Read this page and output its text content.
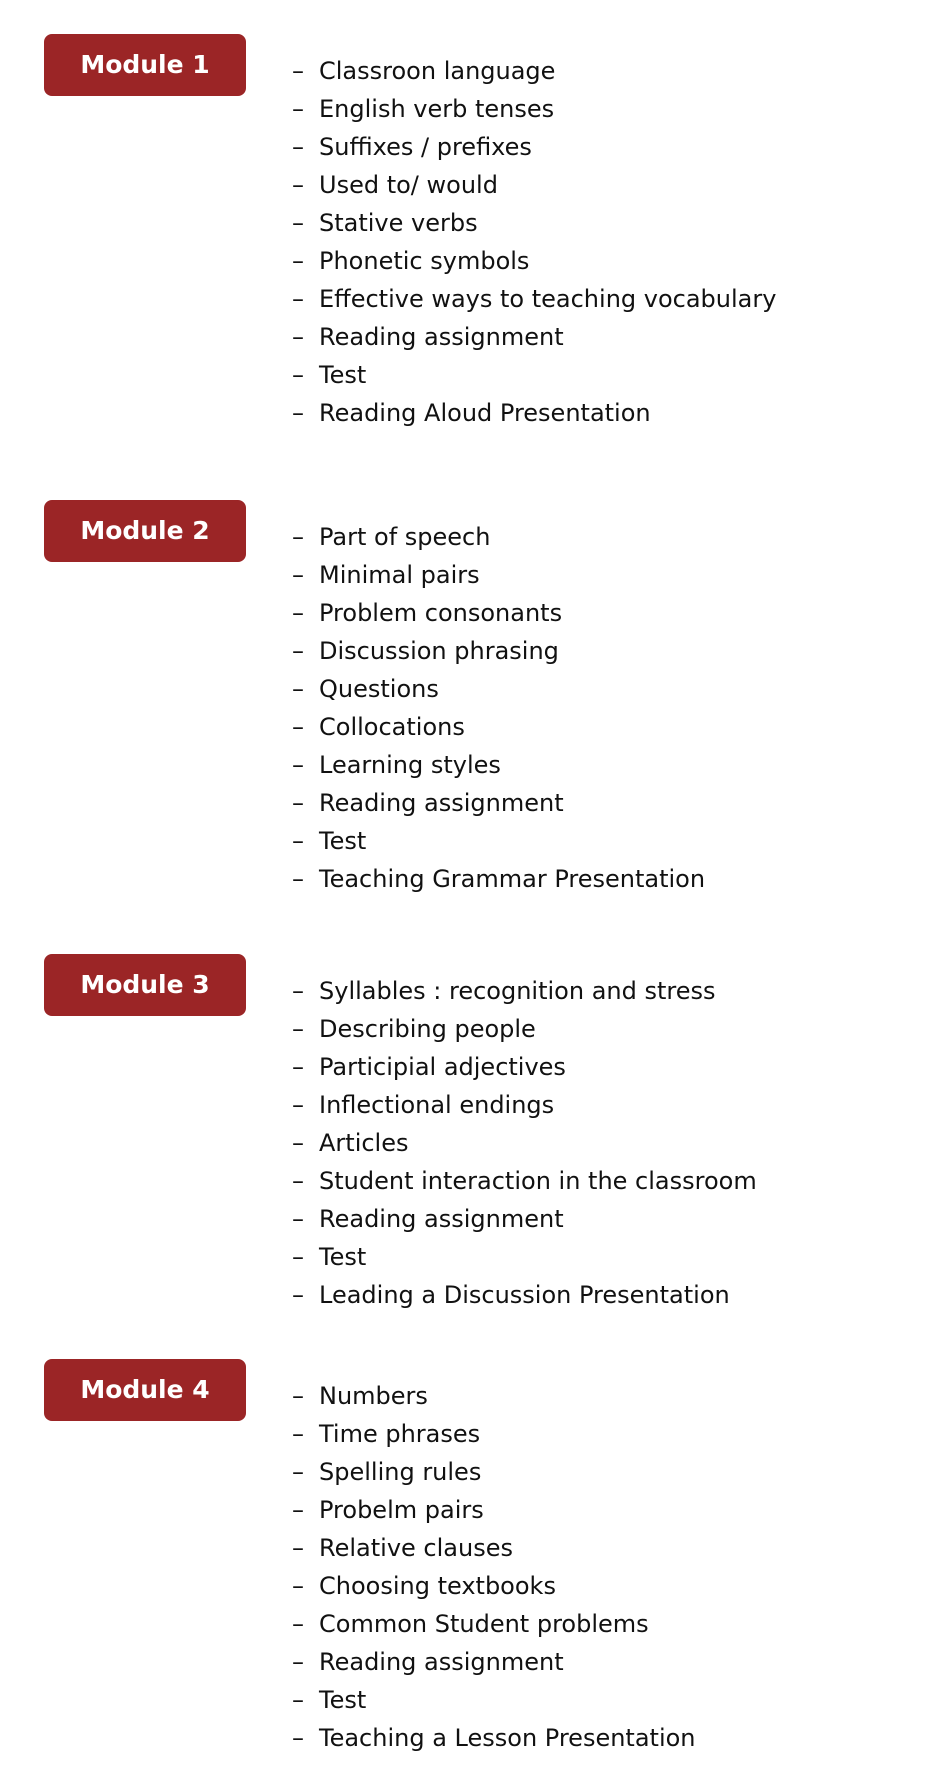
Module 1	– Classroon language
– English verb tenses
– Suffixes / prefixes
– Used to/ would
– Stative verbs
– Phonetic symbols
– Effective ways to teaching vocabulary
– Reading assignment
– Test
– Reading Aloud Presentation
Module 2	– Part of speech
– Minimal pairs
– Problem consonants
– Discussion phrasing
– Questions
– Collocations
– Learning styles
– Reading assignment
– Test
– Teaching Grammar Presentation
Module 3	– Syllables : recognition and stress
– Describing people
– Participial adjectives
– Inflectional endings
– Articles
– Student interaction in the classroom
– Reading assignment
– Test
– Leading a Discussion Presentation
Module 4	– Numbers
– Time phrases
– Spelling rules
– Probelm pairs
– Relative clauses
– Choosing textbooks
– Common Student problems
– Reading assignment
– Test
– Teaching a Lesson Presentation
